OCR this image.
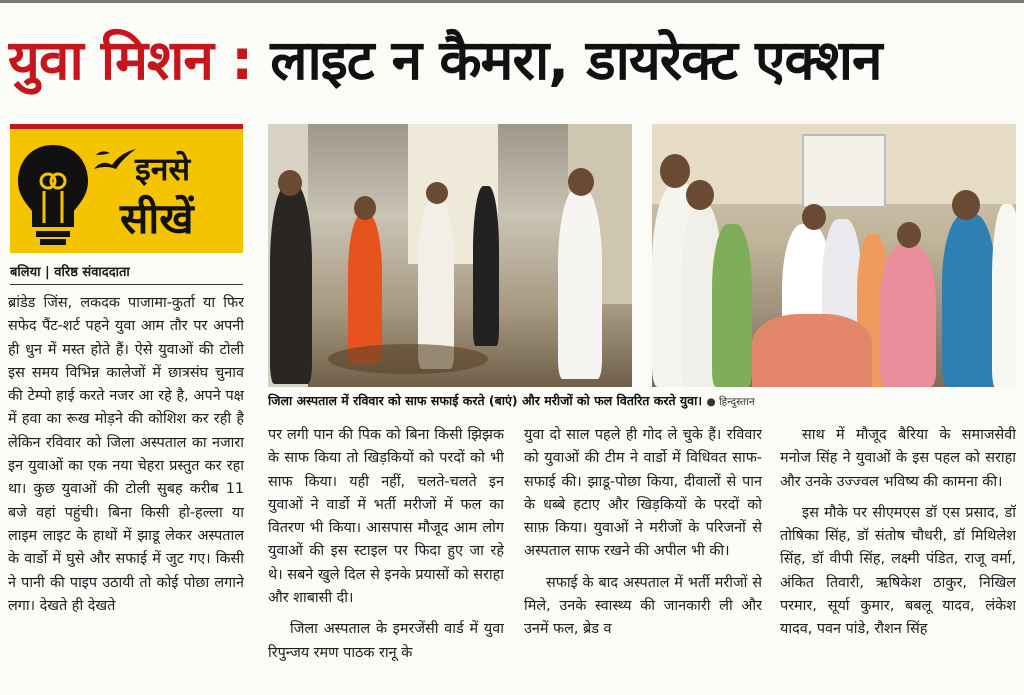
युवा मिशन : लाइट न कैमरा, डायरेक्ट एक्शन
इनसे
सीखें
बलिया | वरिष्ठ संवाददाता

ब्रांडेड जिंस, लकदक पाजामा-कुर्ता या फिर सफेद पैंट-शर्ट पहने युवा आम तौर पर अपनी ही धुन में मस्त होते हैं। ऐसे युवाओं की टोली इस समय विभिन्न कालेजों में छात्रसंघ चुनाव की टेम्पो हाई करते नजर आ रहे है, अपने पक्ष में हवा का रूख मोड़ने की कोशिश कर रही है लेकिन रविवार को जिला अस्पताल का नजारा इन युवाओं का एक नया चेहरा प्रस्तुत कर रहा था। कुछ युवाओं की टोली सुबह करीब 11 बजे वहां पहुंची। बिना किसी हो-हल्ला या लाइम लाइट के हाथों में झाडू लेकर अस्पताल के वार्डो में घुसे और सफाई में जुट गए। किसी ने पानी की पाइप उठायी तो कोई पोछा लगाने लगा। देखते ही देखते

जिला अस्पताल में रविवार को साफ सफाई करते (बाएं) और मरीजों को फल वितरित करते युवा। ● हिन्दुस्तान

पर लगी पान की पिक को बिना किसी झिझक के साफ किया तो खिड़कियों को परदों को भी साफ किया। यही नहीं, चलते-चलते इन युवाओं ने वार्डो में भर्ती मरीजों में फल का वितरण भी किया। आसपास मौजूद आम लोग युवाओं की इस स्टाइल पर फिदा हुए जा रहे थे। सबने खुले दिल से इनके प्रयासों को सराहा और शाबासी दी।

जिला अस्पताल के इमरजेंसी वार्ड में युवा रिपुन्जय रमण पाठक रानू के

युवा दो साल पहले ही गोद ले चुके हैं। रविवार को युवाओं की टीम ने वार्डो में विधिवत साफ-सफाई की। झाडू-पोछा किया, दीवालों से पान के धब्बे हटाए और खिड़कियों के परदों को साफ़ किया। युवाओं ने मरीजों के परिजनों से अस्पताल साफ रखने की अपील भी की।

सफाई के बाद अस्पताल में भर्ती मरीजों से मिले, उनके स्वास्थ्य की जानकारी ली और उनमें फल, ब्रेड व

साथ में मौजूद बैरिया के समाजसेवी मनोज सिंह ने युवाओं के इस पहल को सराहा और उनके उज्ज्वल भविष्य की कामना की।

इस मौके पर सीएमएस डॉ एस प्रसाद, डॉ तोषिका सिंह, डॉ संतोष चौधरी, डॉ मिथिलेश सिंह, डॉ वीपी सिंह, लक्ष्मी पंडित, राजू वर्मा, अंकित तिवारी, ऋषिकेश ठाकुर, निखिल परमार, सूर्या कुमार, बबलू यादव, लंकेश यादव, पवन पांडे, रौशन सिंह
